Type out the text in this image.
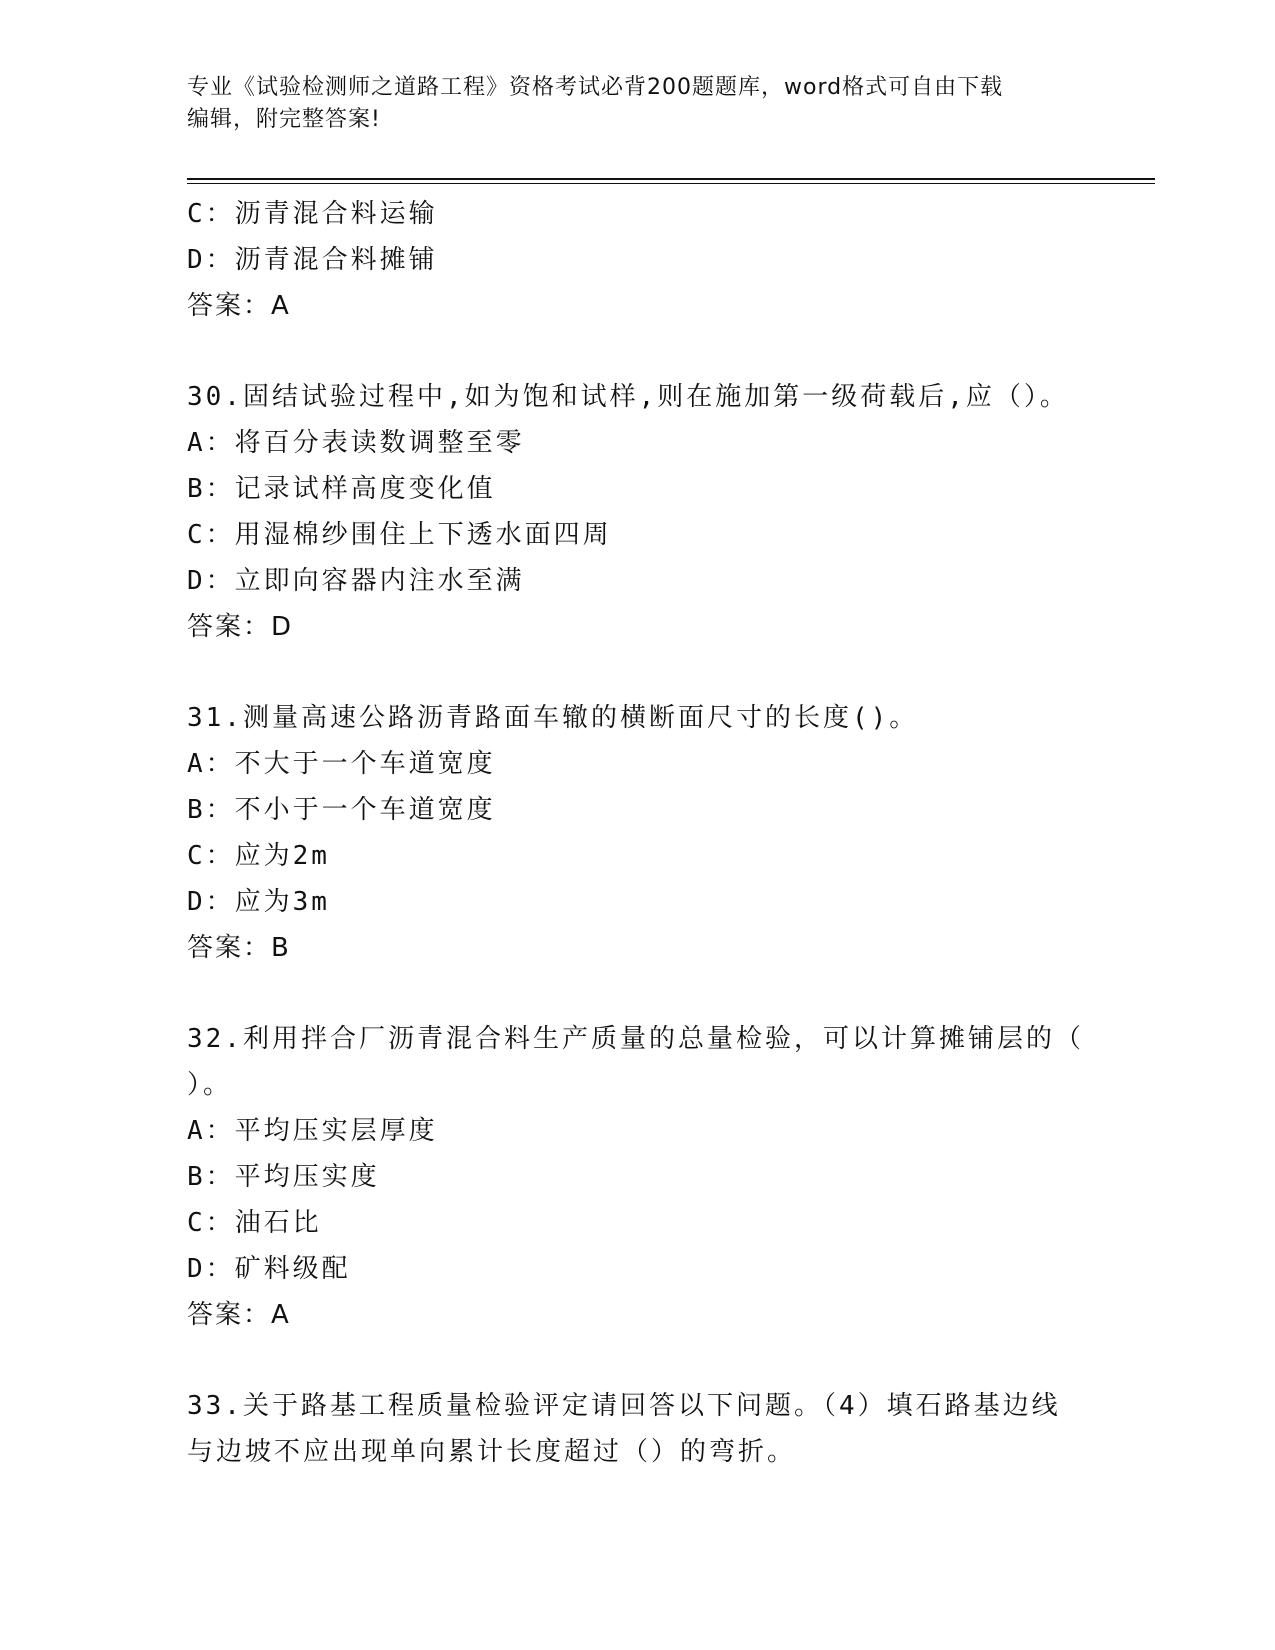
专业《试验检测师之道路工程》资格考试必背200题题库，word格式可自由下载
编辑，附完整答案!
C：沥青混合料运输
D：沥青混合料摊铺
答案：A
30.固结试验过程中,如为饱和试样,则在施加第一级荷载后,应（）。
A：将百分表读数调整至零
B：记录试样高度变化值
C：用湿棉纱围住上下透水面四周
D：立即向容器内注水至满
答案：D
31.测量高速公路沥青路面车辙的横断面尺寸的长度()。
A：不大于一个车道宽度
B：不小于一个车道宽度
C：应为2m
D：应为3m
答案：B
32.利用拌合厂沥青混合料生产质量的总量检验，可以计算摊铺层的（
）。
A：平均压实层厚度
B：平均压实度
C：油石比
D：矿料级配
答案：A
33.关于路基工程质量检验评定请回答以下问题。（4）填石路基边线
与边坡不应出现单向累计长度超过（）的弯折。
